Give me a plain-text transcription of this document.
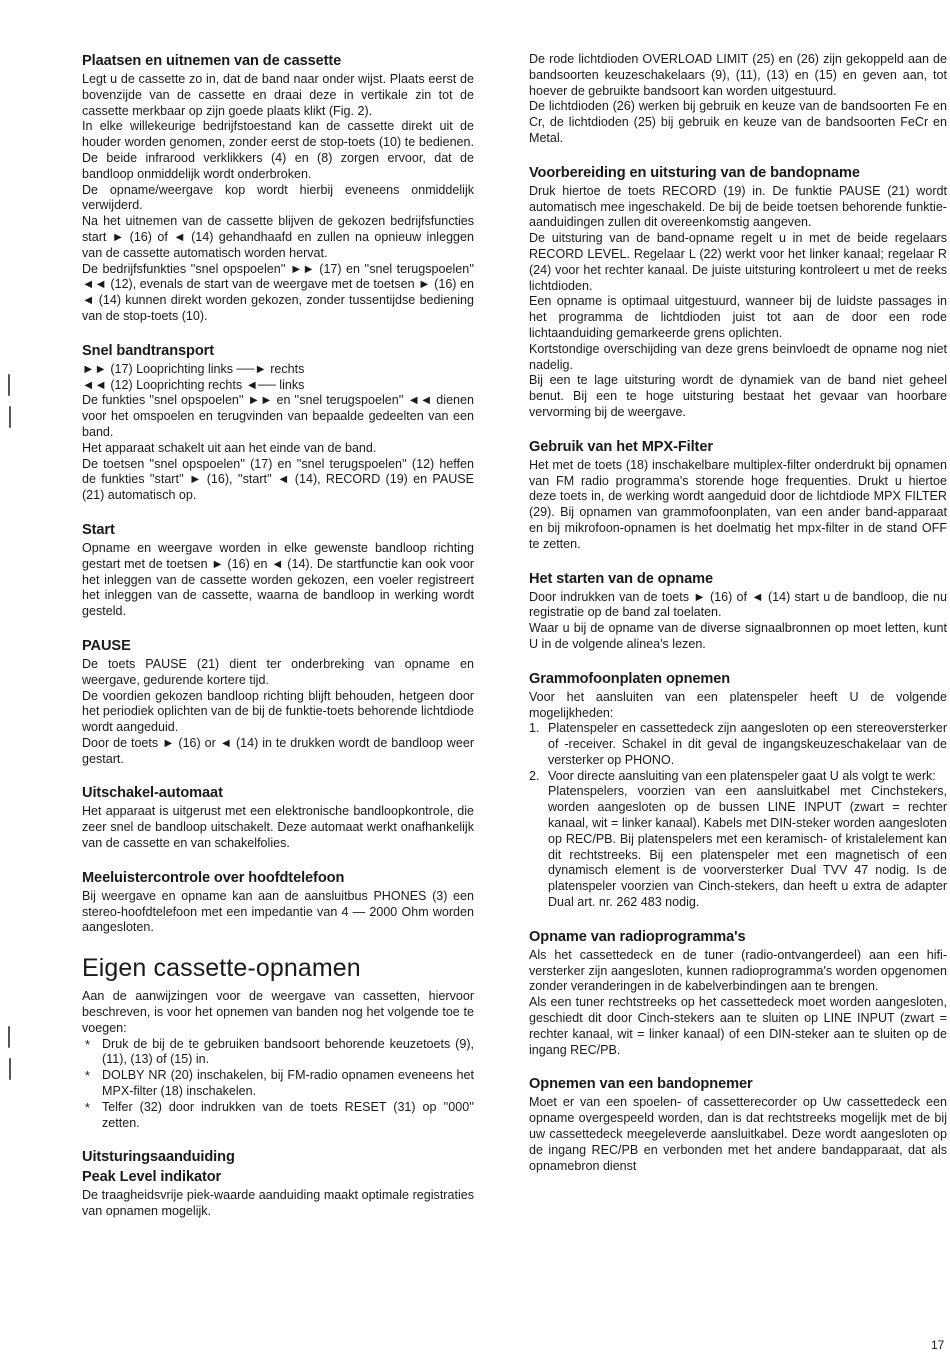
Plaatsen en uitnemen van de cassette

Legt u de cassette zo in, dat de band naar onder wijst. Plaats eerst de bovenzijde van de cassette en draai deze in vertikale zin tot de cassette merkbaar op zijn goede plaats klikt (Fig. 2).

In elke willekeurige bedrijfstoestand kan de cassette direkt uit de houder worden genomen, zonder eerst de stop-toets (10) te bedienen. De beide infrarood verklikkers (4) en (8) zorgen ervoor, dat de bandloop onmiddelijk wordt onderbroken.

De opname/weergave kop wordt hierbij eveneens onmiddelijk verwijderd.

Na het uitnemen van de cassette blijven de gekozen bedrijfsfuncties start ► (16) of ◄ (14) gehandhaafd en zullen na opnieuw inleggen van de cassette automatisch worden hervat.

De bedrijfsfunkties ''snel opspoelen'' ►► (17) en ''snel terugspoelen'' ◄◄ (12), evenals de start van de weergave met de toetsen ► (16) en ◄ (14) kunnen direkt worden gekozen, zonder tussentijdse bediening van de stop-toets (10).

Snel bandtransport

►► (17) Looprichting links ──► rechts

◄◄ (12) Looprichting rechts ◄── links

De funkties ''snel opspoelen'' ►► en ''snel terugspoelen'' ◄◄ dienen voor het omspoelen en terugvinden van bepaalde gedeelten van een band.

Het apparaat schakelt uit aan het einde van de band.

De toetsen ''snel opspoelen'' (17) en ''snel terugspoelen'' (12) heffen de funkties ''start'' ► (16), ''start'' ◄ (14), RECORD (19) en PAUSE (21) automatisch op.

Start

Opname en weergave worden in elke gewenste bandloop richting gestart met de toetsen ► (16) en ◄ (14). De startfunctie kan ook voor het inleggen van de cassette worden gekozen, een voeler registreert het inleggen van de cassette, waarna de bandloop in werking wordt gesteld.

PAUSE

De toets PAUSE (21) dient ter onderbreking van opname en weergave, gedurende kortere tijd.

De voordien gekozen bandloop richting blijft behouden, hetgeen door het periodiek oplichten van de bij de funktie-toets behorende lichtdiode wordt aangeduid.

Door de toets ► (16) or ◄ (14) in te drukken wordt de bandloop weer gestart.

Uitschakel-automaat

Het apparaat is uitgerust met een elektronische bandloopkontrole, die zeer snel de bandloop uitschakelt. Deze automaat werkt onafhankelijk van de cassette en van schakelfolies.

Meeluistercontrole over hoofdtelefoon

Bij weergave en opname kan aan de aansluitbus PHONES (3) een stereo-hoofdtelefoon met een impedantie van 4 — 2000 Ohm worden aangesloten.

Eigen cassette-opnamen

Aan de aanwijzingen voor de weergave van cassetten, hiervoor beschreven, is voor het opnemen van banden nog het volgende toe te voegen:

* Druk de bij de te gebruiken bandsoort behorende keuzetoets (9), (11), (13) of (15) in.
* DOLBY NR (20) inschakelen, bij FM-radio opnamen eveneens het MPX-filter (18) inschakelen.
* Telfer (32) door indrukken van de toets RESET (31) op ''000'' zetten.
Uitsturingsaanduiding
Peak Level indikator

De traagheidsvrije piek-waarde aanduiding maakt optimale registraties van opnamen mogelijk.

De rode lichtdioden OVERLOAD LIMIT (25) en (26) zijn gekoppeld aan de bandsoorten keuzeschakelaars (9), (11), (13) en (15) en geven aan, tot hoever de gebruikte bandsoort kan worden uitgestuurd.

De lichtdioden (26) werken bij gebruik en keuze van de bandsoorten Fe en Cr, de lichtdioden (25) bij gebruik en keuze van de bandsoorten FeCr en Metal.

Voorbereiding en uitsturing van de bandopname

Druk hiertoe de toets RECORD (19) in. De funktie PAUSE (21) wordt automatisch mee ingeschakeld. De bij de beide toetsen behorende funktie-aanduidingen zullen dit overeenkomstig aangeven.

De uitsturing van de band-opname regelt u in met de beide regelaars RECORD LEVEL. Regelaar L (22) werkt voor het linker kanaal; regelaar R (24) voor het rechter kanaal. De juiste uitsturing kontroleert u met de reeks lichtdioden.

Een opname is optimaal uitgestuurd, wanneer bij de luidste passages in het programma de lichtdioden juist tot aan de door een rode lichtaanduiding gemarkeerde grens oplichten.

Kortstondige overschijding van deze grens beinvloedt de opname nog niet nadelig.

Bij een te lage uitsturing wordt de dynamiek van de band niet geheel benut. Bij een te hoge uitsturing bestaat het gevaar van hoorbare vervorming bij de weergave.

Gebruik van het MPX-Filter

Het met de toets (18) inschakelbare multiplex-filter onderdrukt bij opnamen van FM radio programma's storende hoge frequenties. Drukt u hiertoe deze toets in, de werking wordt aangeduid door de lichtdiode MPX FILTER (29). Bij opnamen van grammofoonplaten, van een ander band-apparaat en bij mikrofoon-opnamen is het doelmatig het mpx-filter in de stand OFF te zetten.

Het starten van de opname

Door indrukken van de toets ► (16) of ◄ (14) start u de bandloop, die nu registratie op de band zal toelaten.

Waar u bij de opname van de diverse signaalbronnen op moet letten, kunt U in de volgende alinea's lezen.

Grammofoonplaten opnemen

Voor het aansluiten van een platenspeler heeft U de volgende mogelijkheden:

1. Platenspeler en cassettedeck zijn aangesloten op een stereoversterker of -receiver. Schakel in dit geval de ingangskeuzeschakelaar van de versterker op PHONO.
2. Voor directe aansluiting van een platenspeler gaat U als volgt te werk:
Platenspelers, voorzien van een aansluitkabel met Cinchstekers, worden aangesloten op de bussen LINE INPUT (zwart = rechter kanaal, wit = linker kanaal). Kabels met DIN-steker worden aangesloten op REC/PB. Bij platenspelers met een keramisch- of kristalelement kan dit rechtstreeks. Bij een platenspeler met een magnetisch of een dynamisch element is de voorversterker Dual TVV 47 nodig. Is de platenspeler voorzien van Cinch-stekers, dan heeft u extra de adapter Dual art. nr. 262 483 nodig.
Opname van radioprogramma's

Als het cassettedeck en de tuner (radio-ontvangerdeel) aan een hifi-versterker zijn aangesloten, kunnen radioprogramma's worden opgenomen zonder veranderingen in de kabelverbindingen aan te brengen.

Als een tuner rechtstreeks op het cassettedeck moet worden aangesloten, geschiedt dit door Cinch-stekers aan te sluiten op LINE INPUT (zwart = rechter kanaal, wit = linker kanaal) of een DIN-steker aan te sluiten op de ingang REC/PB.

Opnemen van een bandopnemer

Moet er van een spoelen- of cassetterecorder op Uw cassettedeck een opname overgespeeld worden, dan is dat rechtstreeks mogelijk met de bij uw cassettedeck meegeleverde aansluitkabel. Deze wordt aangesloten op de ingang REC/PB en verbonden met het andere bandapparaat, dat als opnamebron dienst

17
